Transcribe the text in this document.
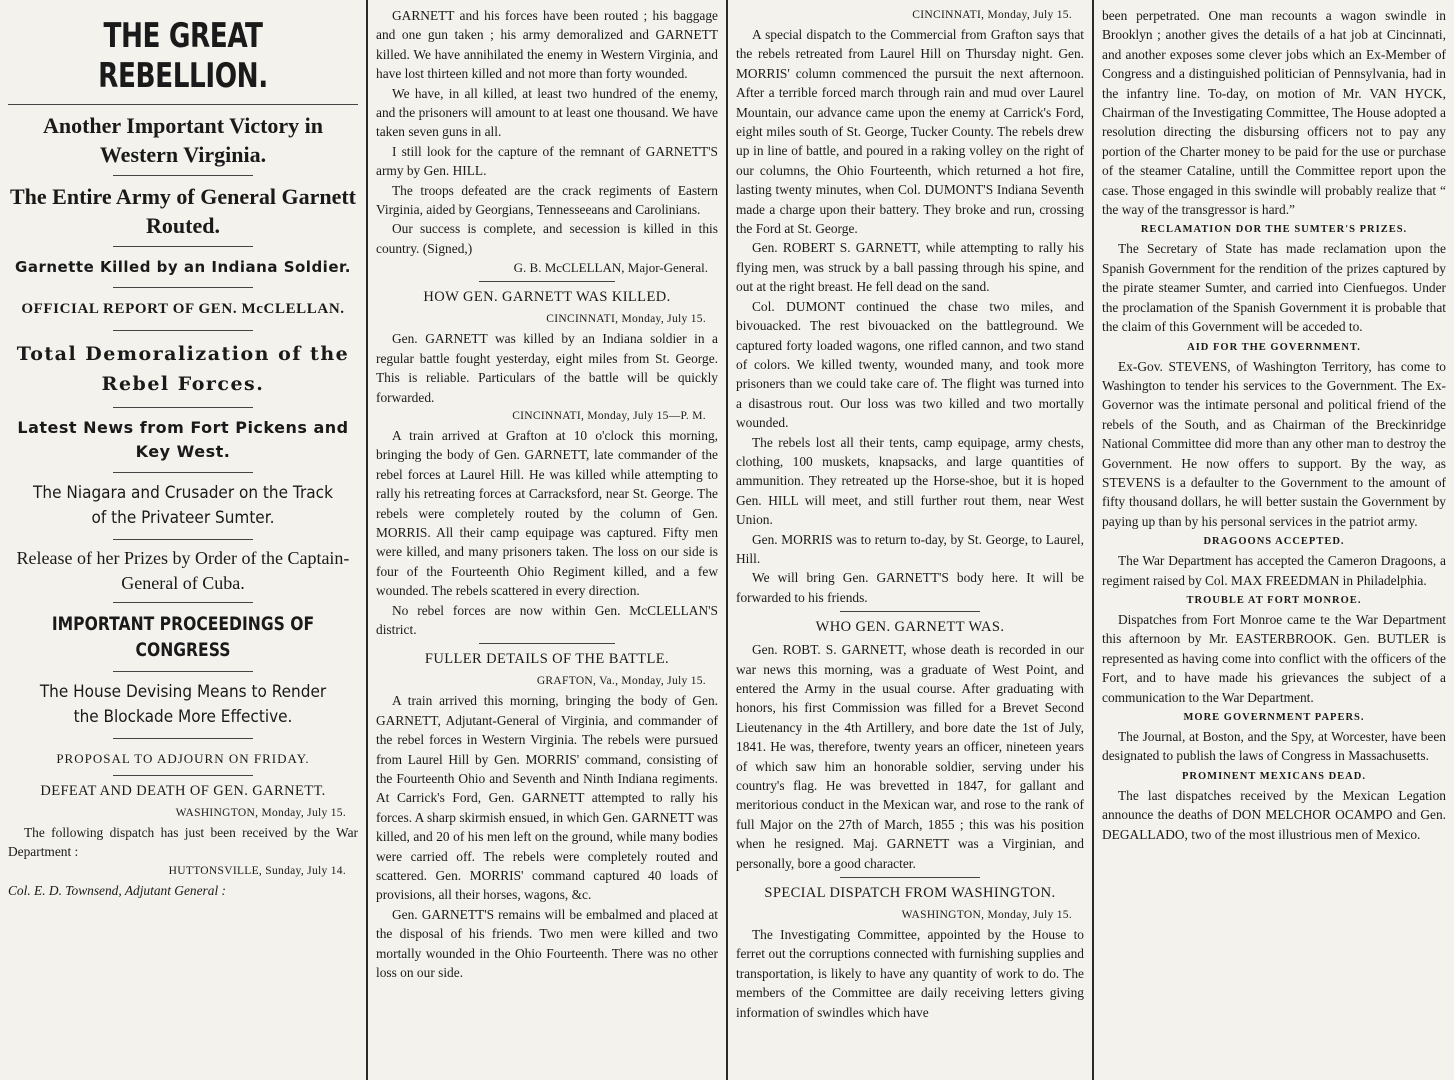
THE GREAT REBELLION.
Another Important Victory in Western Virginia.
The Entire Army of General Garnett Routed.
Garnette Killed by an Indiana Soldier.
OFFICIAL REPORT OF GEN. McCLELLAN.
Total Demoralization of the Rebel Forces.
Latest News from Fort Pickens and Key West.
The Niagara and Crusader on the Track of the Privateer Sumter.
Release of her Prizes by Order of the Captain-General of Cuba.
IMPORTANT PROCEEDINGS OF CONGRESS
The House Devising Means to Render the Blockade More Effective.
PROPOSAL TO ADJOURN ON FRIDAY.
DEFEAT AND DEATH OF GEN. GARNETT.

WASHINGTON, Monday, July 15.

The following dispatch has just been received by the War Department :

HUTTONSVILLE, Sunday, July 14.

Col. E. D. Townsend, Adjutant General :

GARNETT and his forces have been routed ; his baggage and one gun taken ; his army demoralized and GARNETT killed. We have annihilated the enemy in Western Virginia, and have lost thirteen killed and not more than forty wounded.

We have, in all killed, at least two hundred of the enemy, and the prisoners will amount to at least one thousand. We have taken seven guns in all.

I still look for the capture of the remnant of GARNETT'S army by Gen. HILL.

The troops defeated are the crack regiments of Eastern Virginia, aided by Georgians, Tennesseeans and Carolinians.

Our success is complete, and secession is killed in this country. (Signed,)

G. B. McCLELLAN, Major-General.

HOW GEN. GARNETT WAS KILLED.

CINCINNATI, Monday, July 15.

Gen. GARNETT was killed by an Indiana soldier in a regular battle fought yesterday, eight miles from St. George. This is reliable. Particulars of the battle will be quickly forwarded.

CINCINNATI, Monday, July 15—P. M.

A train arrived at Grafton at 10 o'clock this morning, bringing the body of Gen. GARNETT, late commander of the rebel forces at Laurel Hill. He was killed while attempting to rally his retreating forces at Carracksford, near St. George. The rebels were completely routed by the column of Gen. MORRIS. All their camp equipage was captured. Fifty men were killed, and many prisoners taken. The loss on our side is four of the Fourteenth Ohio Regiment killed, and a few wounded. The rebels scattered in every direction.

No rebel forces are now within Gen. McCLELLAN'S district.

FULLER DETAILS OF THE BATTLE.

GRAFTON, Va., Monday, July 15.

A train arrived this morning, bringing the body of Gen. GARNETT, Adjutant-General of Virginia, and commander of the rebel forces in Western Virginia. The rebels were pursued from Laurel Hill by Gen. MORRIS' command, consisting of the Fourteenth Ohio and Seventh and Ninth Indiana regiments. At Carrick's Ford, Gen. GARNETT attempted to rally his forces. A sharp skirmish ensued, in which Gen. GARNETT was killed, and 20 of his men left on the ground, while many bodies were carried off. The rebels were completely routed and scattered. Gen. MORRIS' command captured 40 loads of provisions, all their horses, wagons, &c.

Gen. GARNETT'S remains will be embalmed and placed at the disposal of his friends. Two men were killed and two mortally wounded in the Ohio Fourteenth. There was no other loss on our side.

CINCINNATI, Monday, July 15.

A special dispatch to the Commercial from Grafton says that the rebels retreated from Laurel Hill on Thursday night. Gen. MORRIS' column commenced the pursuit the next afternoon. After a terrible forced march through rain and mud over Laurel Mountain, our advance came upon the enemy at Carrick's Ford, eight miles south of St. George, Tucker County. The rebels drew up in line of battle, and poured in a raking volley on the right of our columns, the Ohio Fourteenth, which returned a hot fire, lasting twenty minutes, when Col. DUMONT'S Indiana Seventh made a charge upon their battery. They broke and run, crossing the Ford at St. George.

Gen. ROBERT S. GARNETT, while attempting to rally his flying men, was struck by a ball passing through his spine, and out at the right breast. He fell dead on the sand.

Col. DUMONT continued the chase two miles, and bivouacked. The rest bivouacked on the battleground. We captured forty loaded wagons, one rifled cannon, and two stand of colors. We killed twenty, wounded many, and took more prisoners than we could take care of. The flight was turned into a disastrous rout. Our loss was two killed and two mortally wounded.

The rebels lost all their tents, camp equipage, army chests, clothing, 100 muskets, knapsacks, and large quantities of ammunition. They retreated up the Horse-shoe, but it is hoped Gen. HILL will meet, and still further rout them, near West Union.

Gen. MORRIS was to return to-day, by St. George, to Laurel, Hill.

We will bring Gen. GARNETT'S body here. It will be forwarded to his friends.

WHO GEN. GARNETT WAS.

Gen. ROBT. S. GARNETT, whose death is recorded in our war news this morning, was a graduate of West Point, and entered the Army in the usual course. After graduating with honors, his first Commission was filled for a Brevet Second Lieutenancy in the 4th Artillery, and bore date the 1st of July, 1841. He was, therefore, twenty years an officer, nineteen years of which saw him an honorable soldier, serving under his country's flag. He was brevetted in 1847, for gallant and meritorious conduct in the Mexican war, and rose to the rank of full Major on the 27th of March, 1855 ; this was his position when he resigned. Maj. GARNETT was a Virginian, and personally, bore a good character.

SPECIAL DISPATCH FROM WASHINGTON.

WASHINGTON, Monday, July 15.

The Investigating Committee, appointed by the House to ferret out the corruptions connected with furnishing supplies and transportation, is likely to have any quantity of work to do. The members of the Committee are daily receiving letters giving information of swindles which have

been perpetrated. One man recounts a wagon swindle in Brooklyn ; another gives the details of a hat job at Cincinnati, and another exposes some clever jobs which an Ex-Member of Congress and a distinguished politician of Pennsylvania, had in the infantry line. To-day, on motion of Mr. VAN HYCK, Chairman of the Investigating Committee, The House adopted a resolution directing the disbursing officers not to pay any portion of the Charter money to be paid for the use or purchase of the steamer Cataline, untill the Committee report upon the case. Those engaged in this swindle will probably realize that “ the way of the transgressor is hard.”

RECLAMATION DOR THE SUMTER'S PRIZES.

The Secretary of State has made reclamation upon the Spanish Government for the rendition of the prizes captured by the pirate steamer Sumter, and carried into Cienfuegos. Under the proclamation of the Spanish Government it is probable that the claim of this Government will be acceded to.

AID FOR THE GOVERNMENT.

Ex-Gov. STEVENS, of Washington Territory, has come to Washington to tender his services to the Government. The Ex-Governor was the intimate personal and political friend of the rebels of the South, and as Chairman of the Breckinridge National Committee did more than any other man to destroy the Government. He now offers to support. By the way, as STEVENS is a defaulter to the Government to the amount of fifty thousand dollars, he will better sustain the Government by paying up than by his personal services in the patriot army.

DRAGOONS ACCEPTED.

The War Department has accepted the Cameron Dragoons, a regiment raised by Col. MAX FREEDMAN in Philadelphia.

TROUBLE AT FORT MONROE.

Dispatches from Fort Monroe came te the War Department this afternoon by Mr. EASTERBROOK. Gen. BUTLER is represented as having come into conflict with the officers of the Fort, and to have made his grievances the subject of a communication to the War Department.

MORE GOVERNMENT PAPERS.

The Journal, at Boston, and the Spy, at Worcester, have been designated to publish the laws of Congress in Massachusetts.

PROMINENT MEXICANS DEAD.

The last dispatches received by the Mexican Legation announce the deaths of DON MELCHOR OCAMPO and Gen. DEGALLADO, two of the most illustrious men of Mexico.
